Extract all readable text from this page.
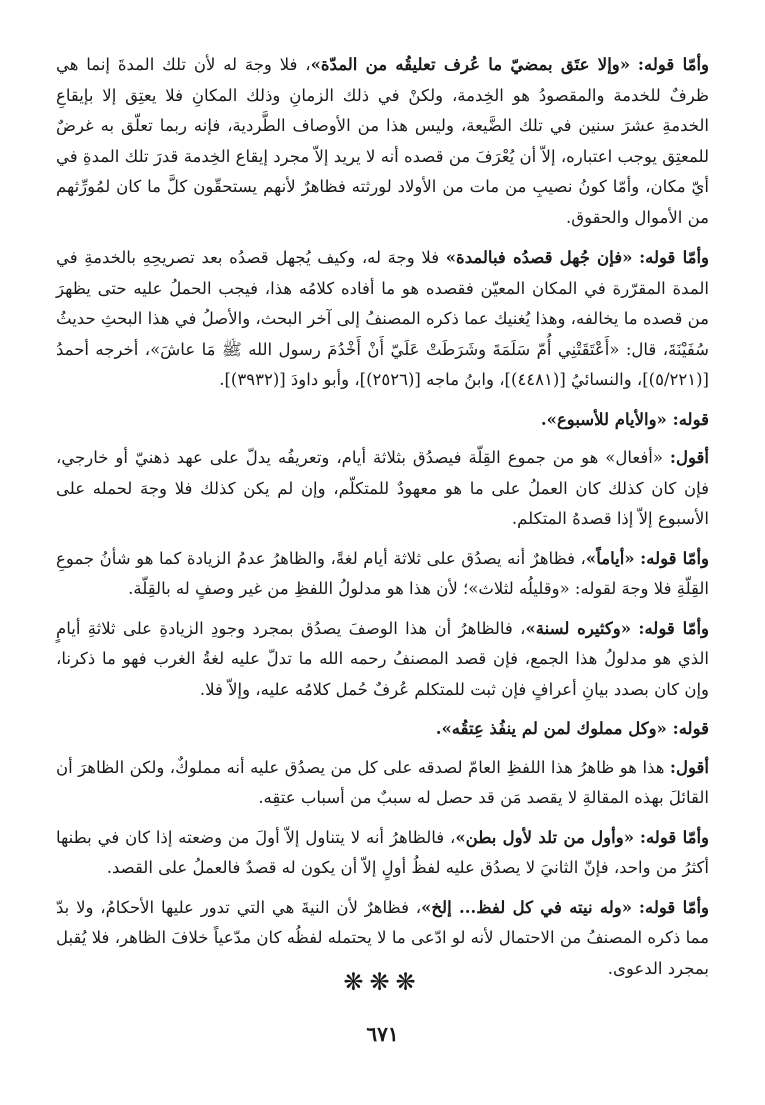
وأمّا قوله: «وإلا عتَق بمضيّ ما عُرف تعليقُه من المدّة»، فلا وجهَ له لأن تلك المدةَ إنما هي ظرفٌ للخدمة والمقصودُ هو الخِدمة، ولكنْ في ذلك الزمانِ وذلك المكانِ فلا يعتِق إلا بإيقاعِ الخدمةِ عشرَ سنين في تلك الضَّيعة، وليس هذا من الأوصاف الطَّردية، فإنه ربما تعلّق به غرضٌ للمعتِق يوجب اعتباره، إلاّ أن يُعْرَفَ من قصده أنه لا يريد إلاّ مجرد إيقاع الخِدمة قدرَ تلك المدةِ في أيّ مكان، وأمّا كونُ نصيبِ من مات من الأولاد لورثته فظاهرٌ لأنهم يستحقّون كلَّ ما كان لمُورِّثهم من الأموال والحقوق.

وأمّا قوله: «فإن جُهل قصدُه فبالمدة» فلا وجهَ له، وكيف يُجهل قصدُه بعد تصريحِهِ بالخدمةِ في المدة المقرّرة في المكان المعيّن فقصده هو ما أفاده كلامُه هذا، فيجب الحملُ عليه حتى يظهرَ من قصده ما يخالفه، وهذا يُغنيك عما ذكره المصنفُ إلى آخر البحث، والأصلُ في هذا البحثِ حديثُ سُفَيْنَةَ، قال: «أَعْتَقَتْنِي أُمّ سَلَمَةَ وشَرَطَتْ عَلَيّ أَنْ أَخْدُمَ رسول الله ﷺ مَا عاشَ»، أخرجه أحمدُ [(٥/٢٢١)]، والنسائيُ [(٤٤٨١)]، وابنُ ماجه [(٢٥٢٦)]، وأبو داودَ [(٣٩٣٢)].

قوله: «والأيام للأسبوع».

أقول: «أفعال» هو من جموع القِلّة فيصدُق بثلاثة أيام، وتعريفُه يدلّ على عهد ذهنيّ أو خارجي، فإن كان كذلك كان العملُ على ما هو معهودٌ للمتكلّم، وإن لم يكن كذلك فلا وجهَ لحمله على الأسبوع إلاّ إذا قصدهُ المتكلم.

وأمّا قوله: «أياماً»، فظاهرٌ أنه يصدُق على ثلاثة أيام لغةً، والظاهرُ عدمُ الزيادة كما هو شأنُ جموعِ القِلّةِ فلا وجهَ لقوله: «وقليلُه لثلاث»؛ لأن هذا هو مدلولُ اللفظِ من غير وصفٍ له بالقِلّة.

وأمّا قوله: «وكثيره لسنة»، فالظاهرُ أن هذا الوصفَ يصدُق بمجرد وجودِ الزيادةِ على ثلاثةِ أيامٍ الذي هو مدلولُ هذا الجمع، فإن قصد المصنفُ رحمه الله ما تدلّ عليه لغةُ الغرب فهو ما ذكرنا، وإن كان بصدد بيانِ أعرافٍ فإن ثبت للمتكلم عُرفٌ حُمل كلامُه عليه، وإلاّ فلا.

قوله: «وكل مملوك لمن لم ينفُذ عِتقُه».

أقول: هذا هو ظاهرُ هذا اللفظِ العامّ لصدقه على كل من يصدُق عليه أنه مملوكٌ، ولكن الظاهرَ أن القائلَ بهذه المقالةِ لا يقصد مَن قد حصل له سببٌ من أسباب عتقِه.

وأمّا قوله: «وأول من تلد لأول بطن»، فالظاهرُ أنه لا يتناول إلاّ أولَ من وضعته إذا كان في بطنها أكثرُ من واحد، فإنّ الثانيَ لا يصدُق عليه لفظُ أولٍ إلاّ أن يكون له قصدٌ فالعملُ على القصد.

وأمّا قوله: «وله نيته في كل لفظ... إلخ»، فظاهرٌ لأن النيةَ هي التي تدور عليها الأحكامُ، ولا بدّ مما ذكره المصنفُ من الاحتمال لأنه لو ادّعى ما لا يحتمله لفظُه كان مدّعياً خلافَ الظاهر، فلا يُقبل بمجرد الدعوى.

❋❋❋
٦٧١
